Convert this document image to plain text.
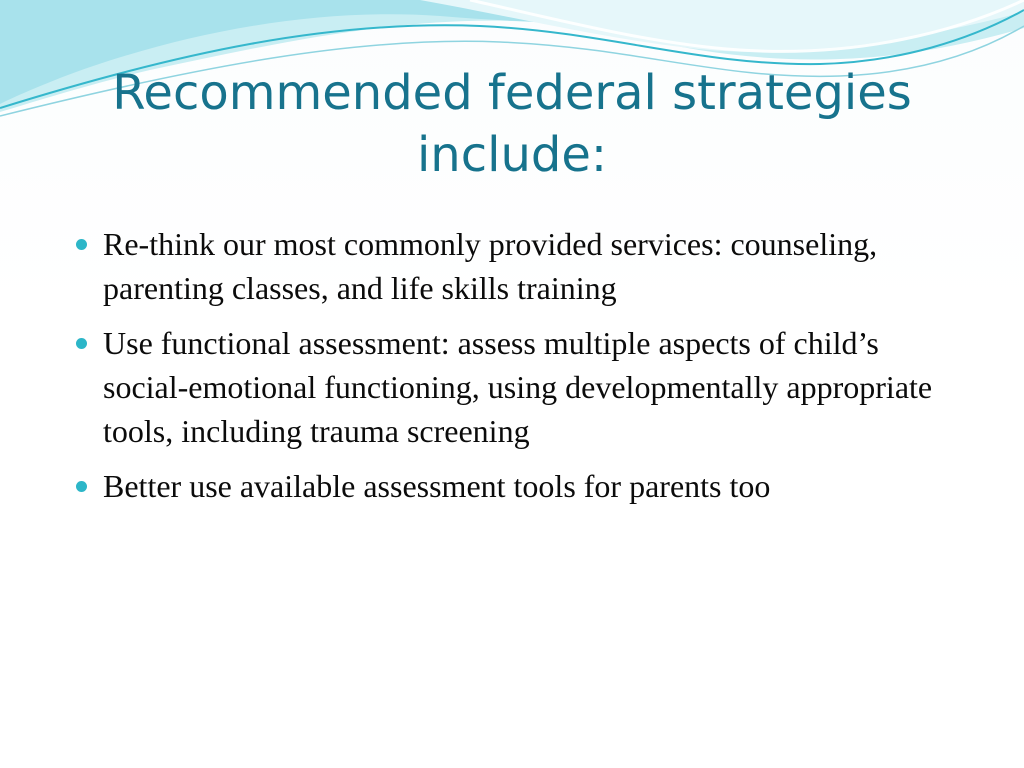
Recommended federal strategies include:
Re-think our most commonly provided services: counseling, parenting classes, and life skills training
Use functional assessment: assess multiple aspects of child’s social-emotional functioning, using developmentally appropriate tools, including trauma screening
Better use available assessment tools for parents too
